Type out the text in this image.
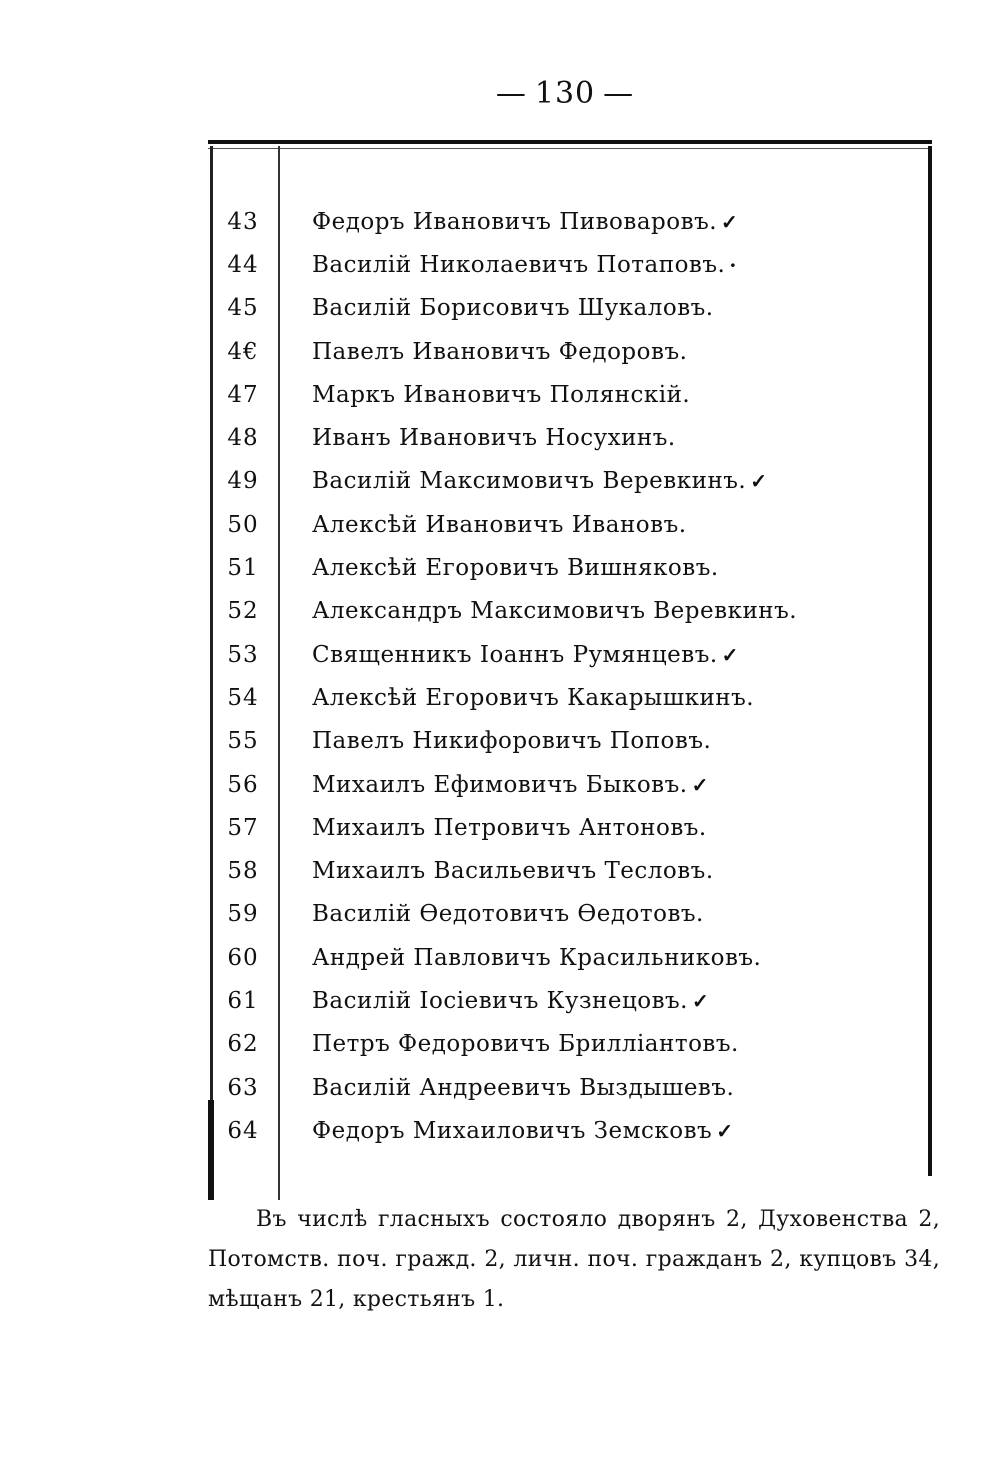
— 130 —
43	Федоръ Ивановичъ Пивоваровъ. ✓
44	Василій Николаевичъ Потаповъ. ·
45	Василій Борисовичъ Шукаловъ.
4€	Павелъ Ивановичъ Федоровъ.
47	Маркъ Ивановичъ Полянскій.
48	Иванъ Ивановичъ Носухинъ.
49	Василій Максимовичъ Веревкинъ. ✓
50	Алексѣй Ивановичъ Ивановъ.
51	Алексѣй Егоровичъ Вишняковъ.
52	Александръ Максимовичъ Веревкинъ.
53	Священникъ Іоаннъ Румянцевъ. ✓
54	Алексѣй Егоровичъ Какарышкинъ.
55	Павелъ Никифоровичъ Поповъ.
56	Михаилъ Ефимовичъ Быковъ. ✓
57	Михаилъ Петровичъ Антоновъ.
58	Михаилъ Васильевичъ Тесловъ.
59	Василій Өедотовичъ Өедотовъ.
60	Андрей Павловичъ Красильниковъ.
61	Василій Іосіевичъ Кузнецовъ. ✓
62	Петръ Федоровичъ Брилліантовъ.
63	Василій Андреевичъ Выздышевъ.
64	Федоръ Михаиловичъ Земсковъ ✓

Въ числѣ гласныхъ состояло дворянъ 2, Духовенства 2, Потомств. поч. гражд. 2, личн. поч. гражданъ 2, купцовъ 34, мѣщанъ 21, крестьянъ 1.
